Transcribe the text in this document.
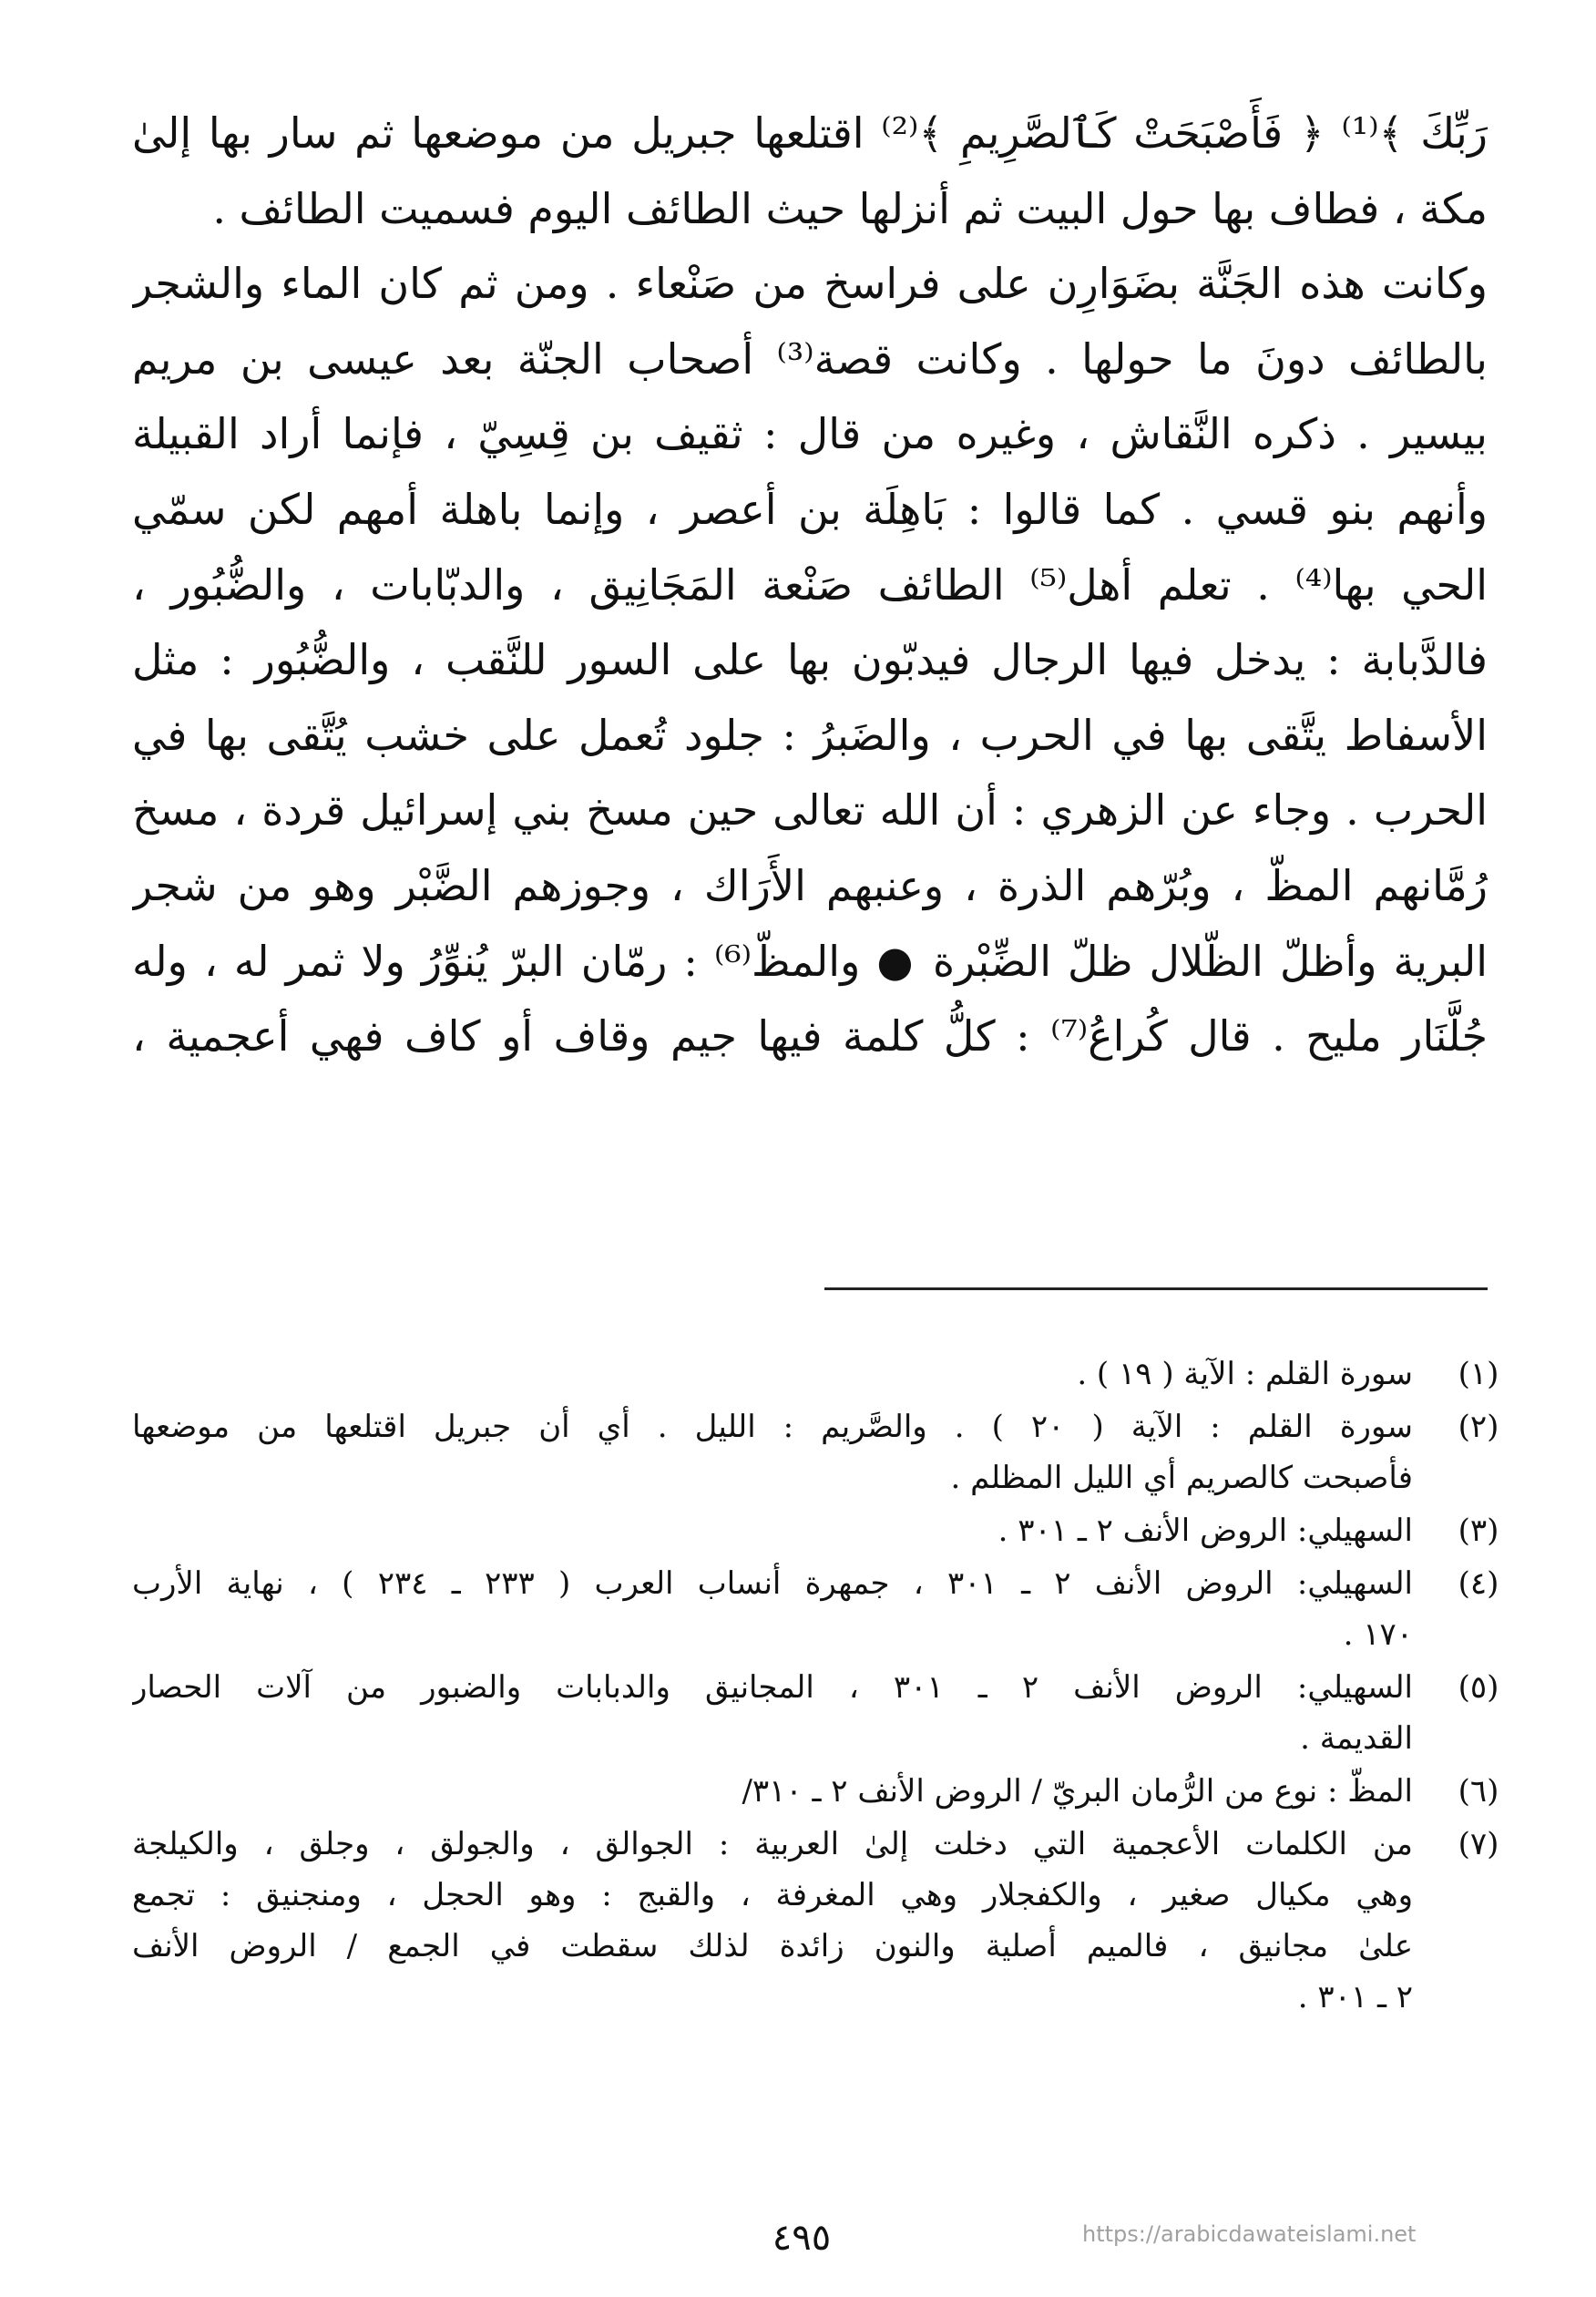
رَبِّكَ ﴾⁽¹⁾ ﴿ فَأَصْبَحَتْ كَٱلصَّرِيمِ ﴾⁽²⁾ اقتلعها جبريل من موضعها ثم سار بها إلىٰ
مكة ، فطاف بها حول البيت ثم أنزلها حيث الطائف اليوم فسميت الطائف .
وكانت هذه الجَنَّة بضَوَارِن على فراسخ من صَنْعاء . ومن ثم كان الماء والشجر
بالطائف دونَ ما حولها . وكانت قصة⁽³⁾ أصحاب الجنّة بعد عيسى بن مريم
بيسير . ذكره النَّقاش ، وغيره من قال : ثقيف بن قِسِيّ ، فإنما أراد القبيلة
وأنهم بنو قسي . كما قالوا : بَاهِلَة بن أعصر ، وإنما باهلة أمهم لكن سمّي
الحي بها⁽⁴⁾ . تعلم أهل⁽⁵⁾ الطائف صَنْعة المَجَانِيق ، والدبّابات ، والضُّبُور ،
فالدَّبابة : يدخل فيها الرجال فيدبّون بها على السور للنَّقب ، والضُّبُور : مثل
الأسفاط يتَّقى بها في الحرب ، والضَبرُ : جلود تُعمل على خشب يُتَّقى بها في
الحرب . وجاء عن الزهري : أن الله تعالى حين مسخ بني إسرائيل قردة ، مسخ
رُمَّانهم المظّ ، وبُرّهم الذرة ، وعنبهم الأَرَاك ، وجوزهم الضَّبْر وهو من شجر
البرية وأظلّ الظّلال ظلّ الضِّبْرة ● والمظّ⁽⁶⁾ : رمّان البرّ يُنوِّرُ ولا ثمر له ، وله
جُلَّنَار مليح . قال كُراعُ⁽⁷⁾ : كلُّ كلمة فيها جيم وقاف أو كاف فهي أعجمية ،
(١)
سورة القلم : الآية ( ١٩ ) .
(٢)
سورة القلم : الآية ( ٢٠ ) . والصَّريم : الليل . أي أن جبريل اقتلعها من موضعها
فأصبحت كالصريم أي الليل المظلم .
(٣)
السهيلي: الروض الأنف ٢ ـ ٣٠١ .
(٤)
السهيلي: الروض الأنف ٢ ـ ٣٠١ ، جمهرة أنساب العرب ( ٢٣٣ ـ ٢٣٤ ) ، نهاية الأرب
١٧٠ .
(٥)
السهيلي: الروض الأنف ٢ ـ ٣٠١ ، المجانيق والدبابات والضبور من آلات الحصار
القديمة .
(٦)
المظّ : نوع من الرُّمان البريّ / الروض الأنف ٢ ـ ٣١٠/
(٧)
من الكلمات الأعجمية التي دخلت إلىٰ العربية : الجوالق ، والجولق ، وجلق ، والكيلجة
وهي مكيال صغير ، والكفجلار وهي المغرفة ، والقبج : وهو الحجل ، ومنجنيق : تجمع
علىٰ مجانيق ، فالميم أصلية والنون زائدة لذلك سقطت في الجمع / الروض الأنف
٢ ـ ٣٠١ .
٤٩٥	https://arabicdawateislami.net
